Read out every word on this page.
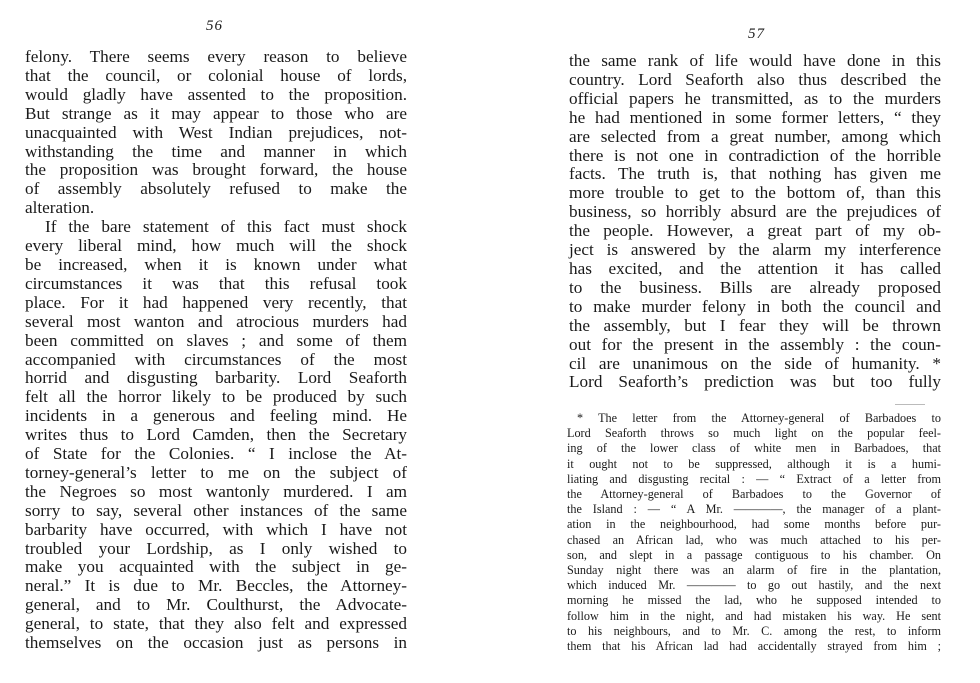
56
felony. There seems every reason to believe
that the council, or colonial house of lords,
would gladly have assented to the proposition.
But strange as it may appear to those who are
unacquainted with West Indian prejudices, not-
withstanding the time and manner in which
the proposition was brought forward, the house
of assembly absolutely refused to make the
alteration.
If the bare statement of this fact must shock
every liberal mind, how much will the shock
be increased, when it is known under what
circumstances it was that this refusal took
place. For it had happened very recently, that
several most wanton and atrocious murders had
been committed on slaves ; and some of them
accompanied with circumstances of the most
horrid and disgusting barbarity. Lord Seaforth
felt all the horror likely to be produced by such
incidents in a generous and feeling mind. He
writes thus to Lord Camden, then the Secretary
of State for the Colonies. “ I inclose the At-
torney-general’s letter to me on the subject of
the Negroes so most wantonly murdered. I am
sorry to say, several other instances of the same
barbarity have occurred, with which I have not
troubled your Lordship, as I only wished to
make you acquainted with the subject in ge-
neral.” It is due to Mr. Beccles, the Attorney-
general, and to Mr. Coulthurst, the Advocate-
general, to state, that they also felt and expressed
themselves on the occasion just as persons in
57
the same rank of life would have done in this
country. Lord Seaforth also thus described the
official papers he transmitted, as to the murders
he had mentioned in some former letters, “ they
are selected from a great number, among which
there is not one in contradiction of the horrible
facts. The truth is, that nothing has given me
more trouble to get to the bottom of, than this
business, so horribly absurd are the prejudices of
the people. However, a great part of my ob-
ject is answered by the alarm my interference
has excited, and the attention it has called
to the business. Bills are already proposed
to make murder felony in both the council and
the assembly, but I fear they will be thrown
out for the present in the assembly : the coun-
cil are unanimous on the side of humanity. *
Lord Seaforth’s prediction was but too fully
* The letter from the Attorney-general of Barbadoes to
Lord Seaforth throws so much light on the popular feel-
ing of the lower class of white men in Barbadoes, that
it ought not to be suppressed, although it is a humi-
liating and disgusting recital : — “ Extract of a letter from
the Attorney-general of Barbadoes to the Governor of
the Island : — “ A Mr. ————, the manager of a plant-
ation in the neighbourhood, had some months before pur-
chased an African lad, who was much attached to his per-
son, and slept in a passage contiguous to his chamber. On
Sunday night there was an alarm of fire in the plantation,
which induced Mr. ———— to go out hastily, and the next
morning he missed the lad, who he supposed intended to
follow him in the night, and had mistaken his way. He sent
to his neighbours, and to Mr. C. among the rest, to inform
them that his African lad had accidentally strayed from him ;
